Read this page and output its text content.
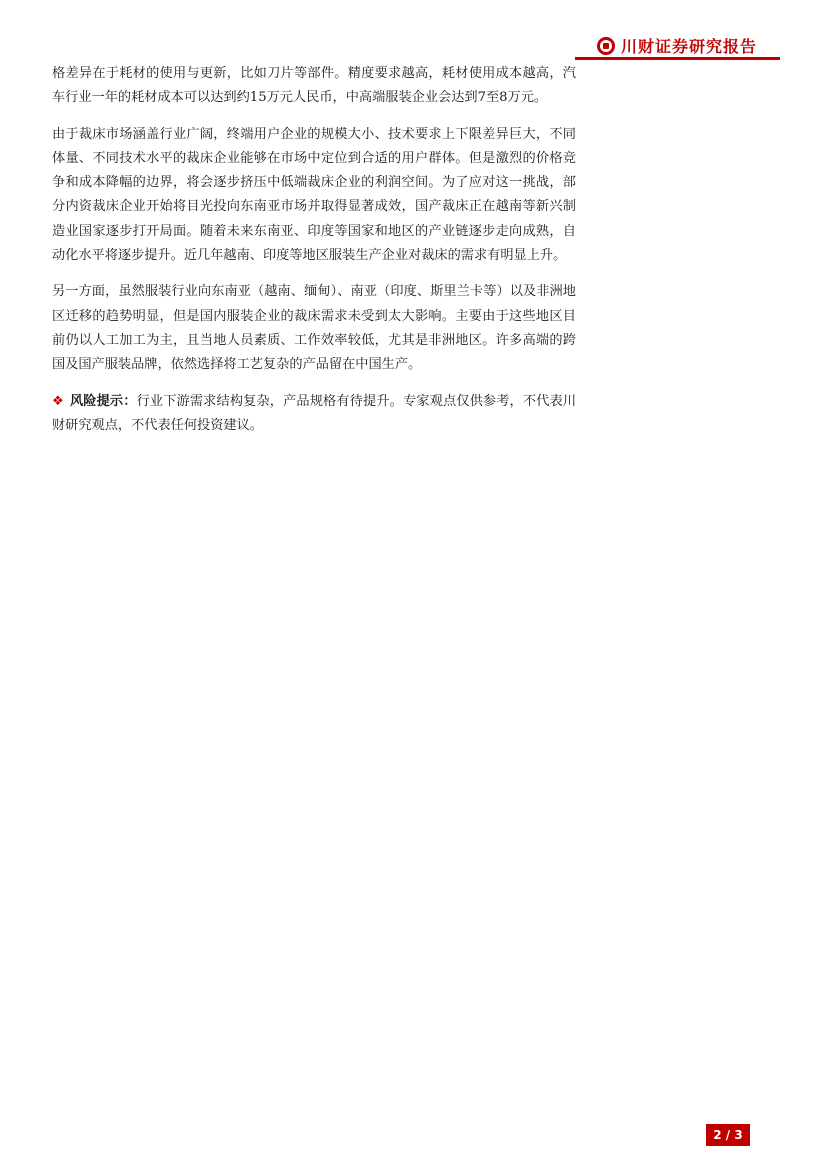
川财证券研究报告

格差异在于耗材的使用与更新，比如刀片等部件。精度要求越高，耗材使用成本越高，汽车行业一年的耗材成本可以达到约15万元人民币，中高端服装企业会达到7至8万元。

由于裁床市场涵盖行业广阔，终端用户企业的规模大小、技术要求上下限差异巨大，不同体量、不同技术水平的裁床企业能够在市场中定位到合适的用户群体。但是激烈的价格竞争和成本降幅的边界，将会逐步挤压中低端裁床企业的利润空间。为了应对这一挑战，部分内资裁床企业开始将目光投向东南亚市场并取得显著成效，国产裁床正在越南等新兴制造业国家逐步打开局面。随着未来东南亚、印度等国家和地区的产业链逐步走向成熟，自动化水平将逐步提升。近几年越南、印度等地区服装生产企业对裁床的需求有明显上升。

另一方面，虽然服装行业向东南亚（越南、缅甸）、南亚（印度、斯里兰卡等）以及非洲地区迁移的趋势明显，但是国内服装企业的裁床需求未受到太大影响。主要由于这些地区目前仍以人工加工为主，且当地人员素质、工作效率较低，尤其是非洲地区。许多高端的跨国及国产服装品牌，依然选择将工艺复杂的产品留在中国生产。

❖ 风险提示：行业下游需求结构复杂，产品规格有待提升。专家观点仅供参考，不代表川财研究观点，不代表任何投资建议。

2 / 3
